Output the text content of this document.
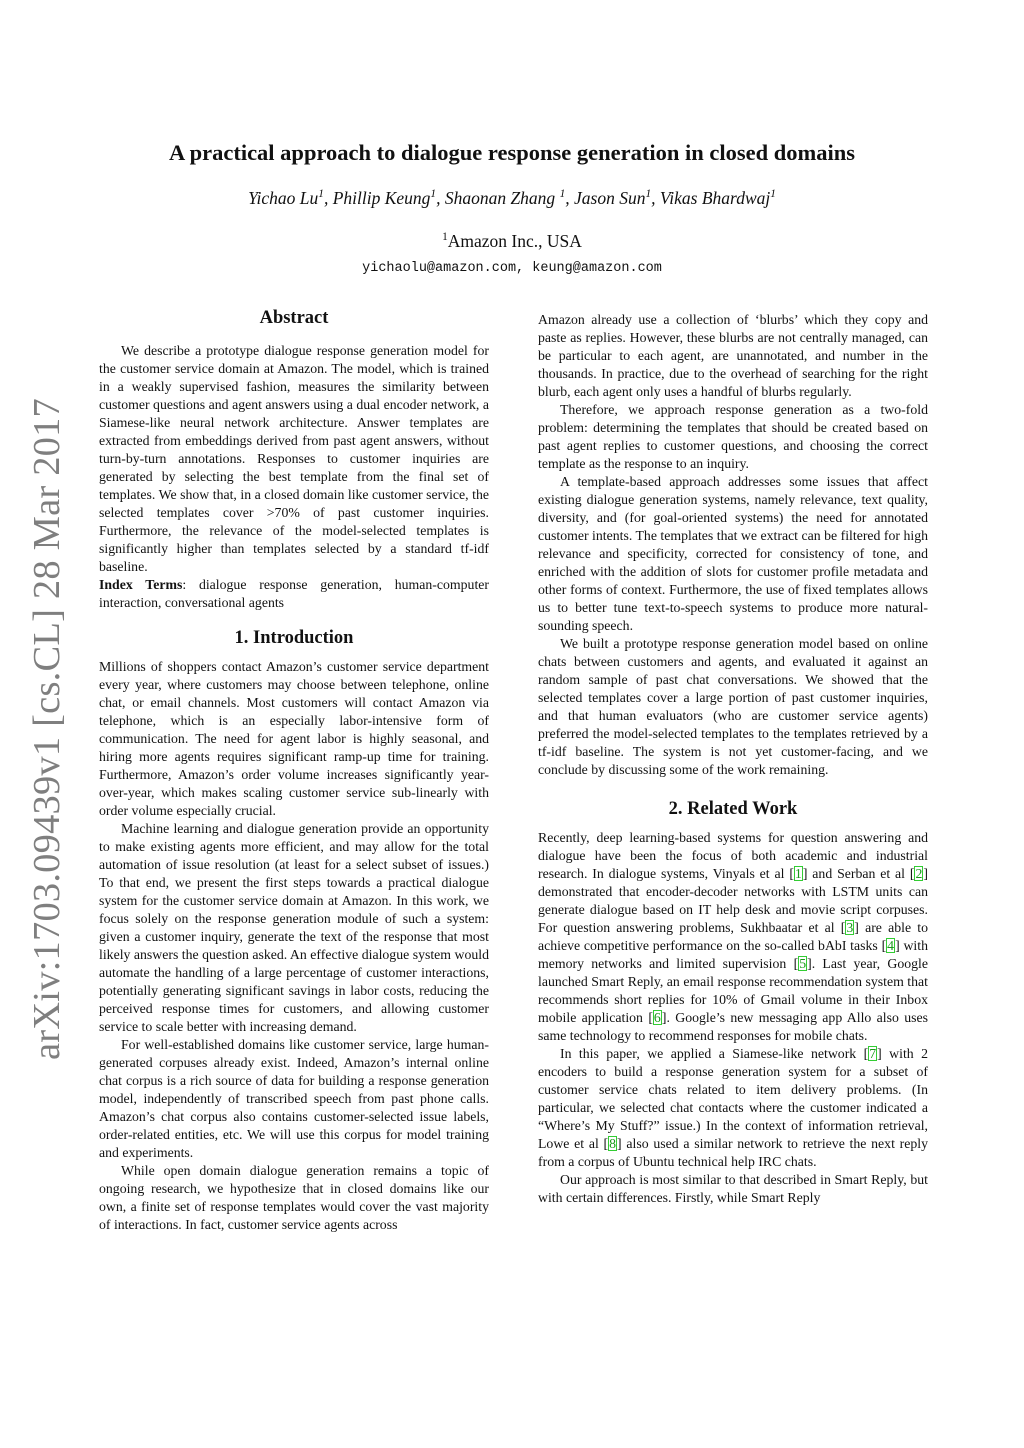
arXiv:1703.09439v1 [cs.CL] 28 Mar 2017
A practical approach to dialogue response generation in closed domains
Yichao Lu$^1$, Phillip Keung$^1$, Shaonan Zhang $^1$, Jason Sun$^1$, Vikas Bhardwaj$^1$
$^1$Amazon Inc., USA
yichaolu@amazon.com, keung@amazon.com
Abstract

We describe a prototype dialogue response generation model for the customer service domain at Amazon. The model, which is trained in a weakly supervised fashion, measures the similarity between customer questions and agent answers using a dual encoder network, a Siamese-like neural network architecture. Answer templates are extracted from embeddings derived from past agent answers, without turn-by-turn annotations. Responses to customer inquiries are generated by selecting the best template from the final set of templates. We show that, in a closed domain like customer service, the selected templates cover >70% of past customer inquiries. Furthermore, the relevance of the model-selected templates is significantly higher than templates selected by a standard tf-idf baseline.

Index Terms: dialogue response generation, human-computer interaction, conversational agents

1. Introduction

Millions of shoppers contact Amazon’s customer service department every year, where customers may choose between telephone, online chat, or email channels. Most customers will contact Amazon via telephone, which is an especially labor-intensive form of communication. The need for agent labor is highly seasonal, and hiring more agents requires significant ramp-up time for training. Furthermore, Amazon’s order volume increases significantly year-over-year, which makes scaling customer service sub-linearly with order volume especially crucial.

Machine learning and dialogue generation provide an opportunity to make existing agents more efficient, and may allow for the total automation of issue resolution (at least for a select subset of issues.) To that end, we present the first steps towards a practical dialogue system for the customer service domain at Amazon. In this work, we focus solely on the response generation module of such a system: given a customer inquiry, generate the text of the response that most likely answers the question asked. An effective dialogue system would automate the handling of a large percentage of customer interactions, potentially generating significant savings in labor costs, reducing the perceived response times for customers, and allowing customer service to scale better with increasing demand.

For well-established domains like customer service, large human-generated corpuses already exist. Indeed, Amazon’s internal online chat corpus is a rich source of data for building a response generation model, independently of transcribed speech from past phone calls. Amazon’s chat corpus also contains customer-selected issue labels, order-related entities, etc. We will use this corpus for model training and experiments.

While open domain dialogue generation remains a topic of ongoing research, we hypothesize that in closed domains like our own, a finite set of response templates would cover the vast majority of interactions. In fact, customer service agents across

Amazon already use a collection of ‘blurbs’ which they copy and paste as replies. However, these blurbs are not centrally managed, can be particular to each agent, are unannotated, and number in the thousands. In practice, due to the overhead of searching for the right blurb, each agent only uses a handful of blurbs regularly.

Therefore, we approach response generation as a two-fold problem: determining the templates that should be created based on past agent replies to customer questions, and choosing the correct template as the response to an inquiry.

A template-based approach addresses some issues that affect existing dialogue generation systems, namely relevance, text quality, diversity, and (for goal-oriented systems) the need for annotated customer intents. The templates that we extract can be filtered for high relevance and specificity, corrected for consistency of tone, and enriched with the addition of slots for customer profile metadata and other forms of context. Furthermore, the use of fixed templates allows us to better tune text-to-speech systems to produce more natural-sounding speech.

We built a prototype response generation model based on online chats between customers and agents, and evaluated it against an random sample of past chat conversations. We showed that the selected templates cover a large portion of past customer inquiries, and that human evaluators (who are customer service agents) preferred the model-selected templates to the templates retrieved by a tf-idf baseline. The system is not yet customer-facing, and we conclude by discussing some of the work remaining.

2. Related Work

Recently, deep learning-based systems for question answering and dialogue have been the focus of both academic and industrial research. In dialogue systems, Vinyals et al [1] and Serban et al [2] demonstrated that encoder-decoder networks with LSTM units can generate dialogue based on IT help desk and movie script corpuses. For question answering problems, Sukhbaatar et al [3] are able to achieve competitive performance on the so-called bAbI tasks [4] with memory networks and limited supervision [5]. Last year, Google launched Smart Reply, an email response recommendation system that recommends short replies for 10% of Gmail volume in their Inbox mobile application [6]. Google’s new messaging app Allo also uses same technology to recommend responses for mobile chats.

In this paper, we applied a Siamese-like network [7] with 2 encoders to build a response generation system for a subset of customer service chats related to item delivery problems. (In particular, we selected chat contacts where the customer indicated a “Where’s My Stuff?” issue.) In the context of information retrieval, Lowe et al [8] also used a similar network to retrieve the next reply from a corpus of Ubuntu technical help IRC chats.

Our approach is most similar to that described in Smart Reply, but with certain differences. Firstly, while Smart Reply
